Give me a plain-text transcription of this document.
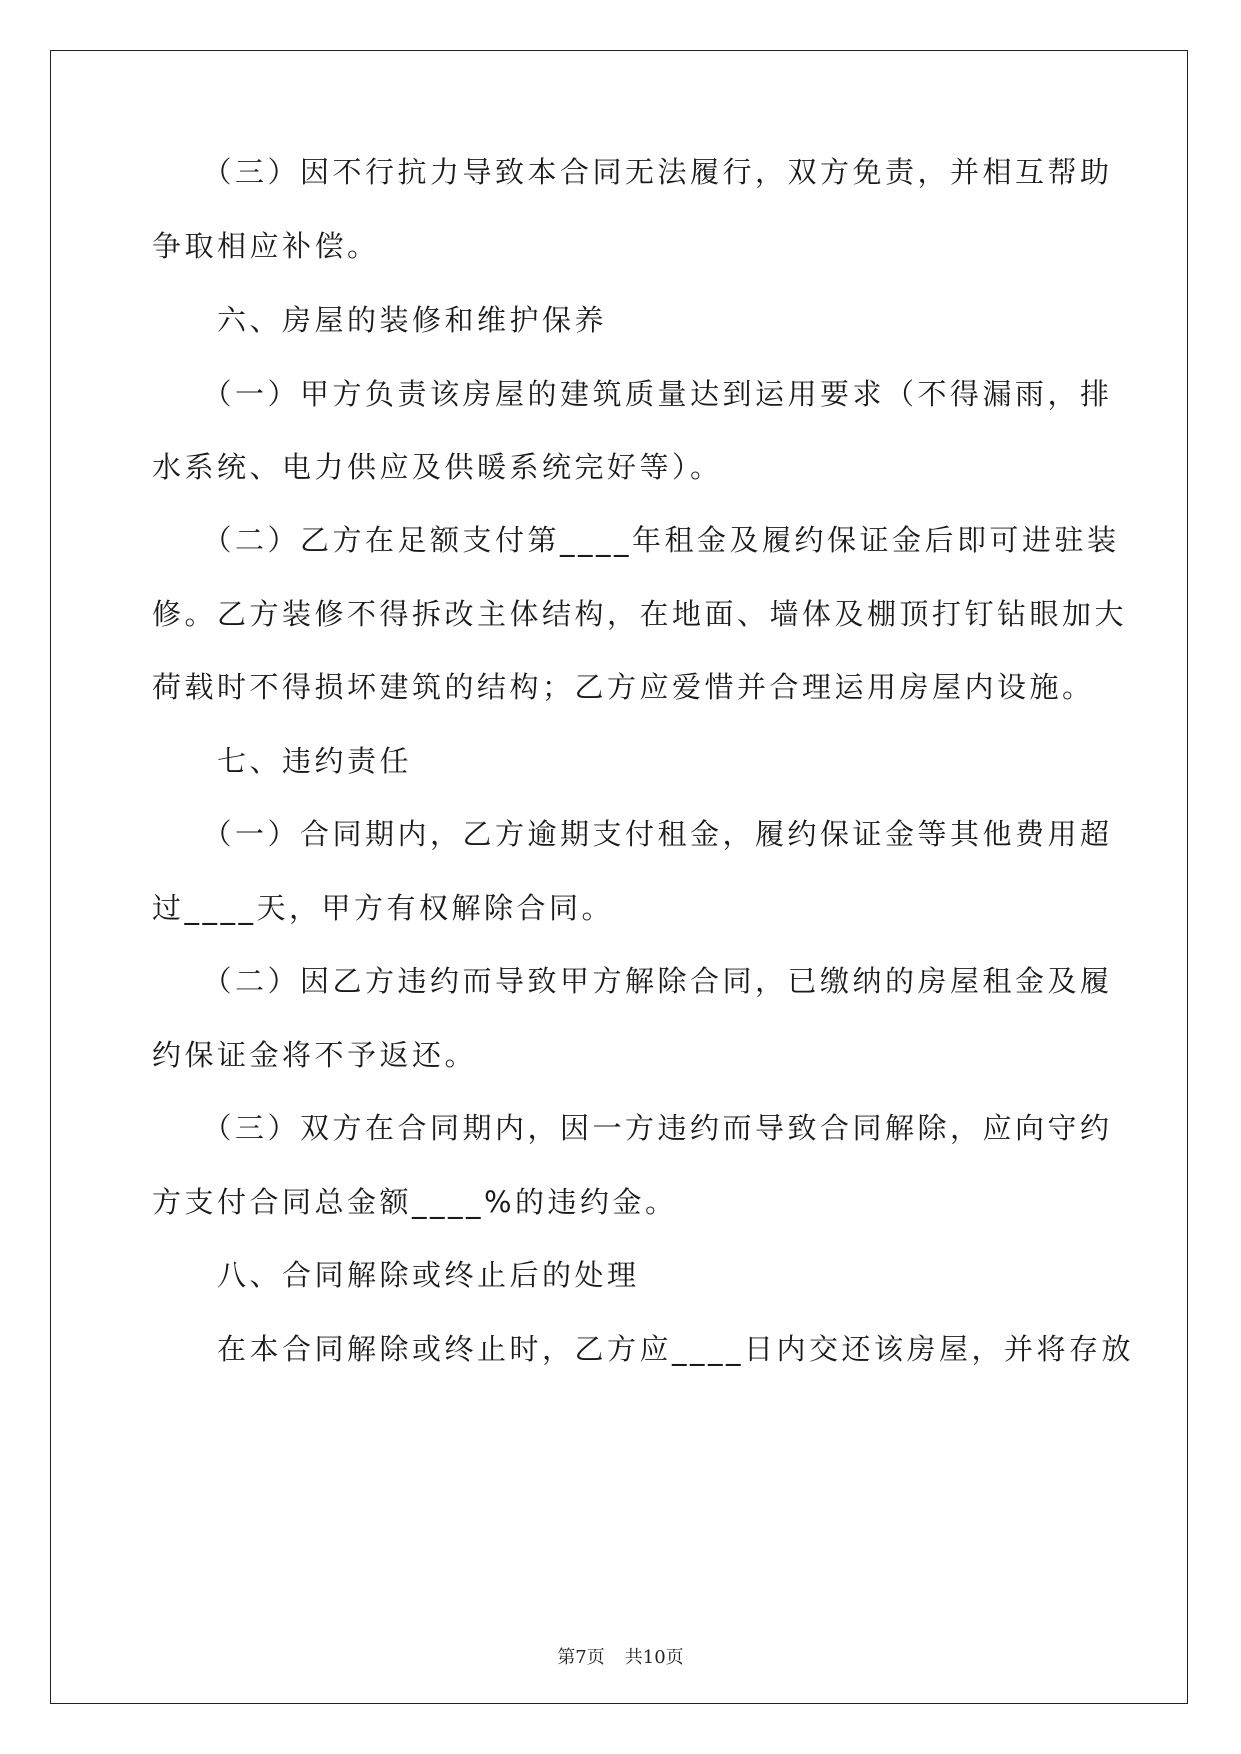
　　（三）因不行抗力导致本合同无法履行，双方免责，并相互帮助
争取相应补偿。
　　六、房屋的装修和维护保养
　　（一）甲方负责该房屋的建筑质量达到运用要求（不得漏雨，排
水系统、电力供应及供暖系统完好等）。
　　（二）乙方在足额支付第____年租金及履约保证金后即可进驻装
修。乙方装修不得拆改主体结构，在地面、墙体及棚顶打钉钻眼加大
荷载时不得损坏建筑的结构；乙方应爱惜并合理运用房屋内设施。
　　七、违约责任
　　（一）合同期内，乙方逾期支付租金，履约保证金等其他费用超
过____天，甲方有权解除合同。
　　（二）因乙方违约而导致甲方解除合同，已缴纳的房屋租金及履
约保证金将不予返还。
　　（三）双方在合同期内，因一方违约而导致合同解除，应向守约
方支付合同总金额____%的违约金。
　　八、合同解除或终止后的处理
　　在本合同解除或终止时，乙方应____日内交还该房屋，并将存放
第7页 共10页
